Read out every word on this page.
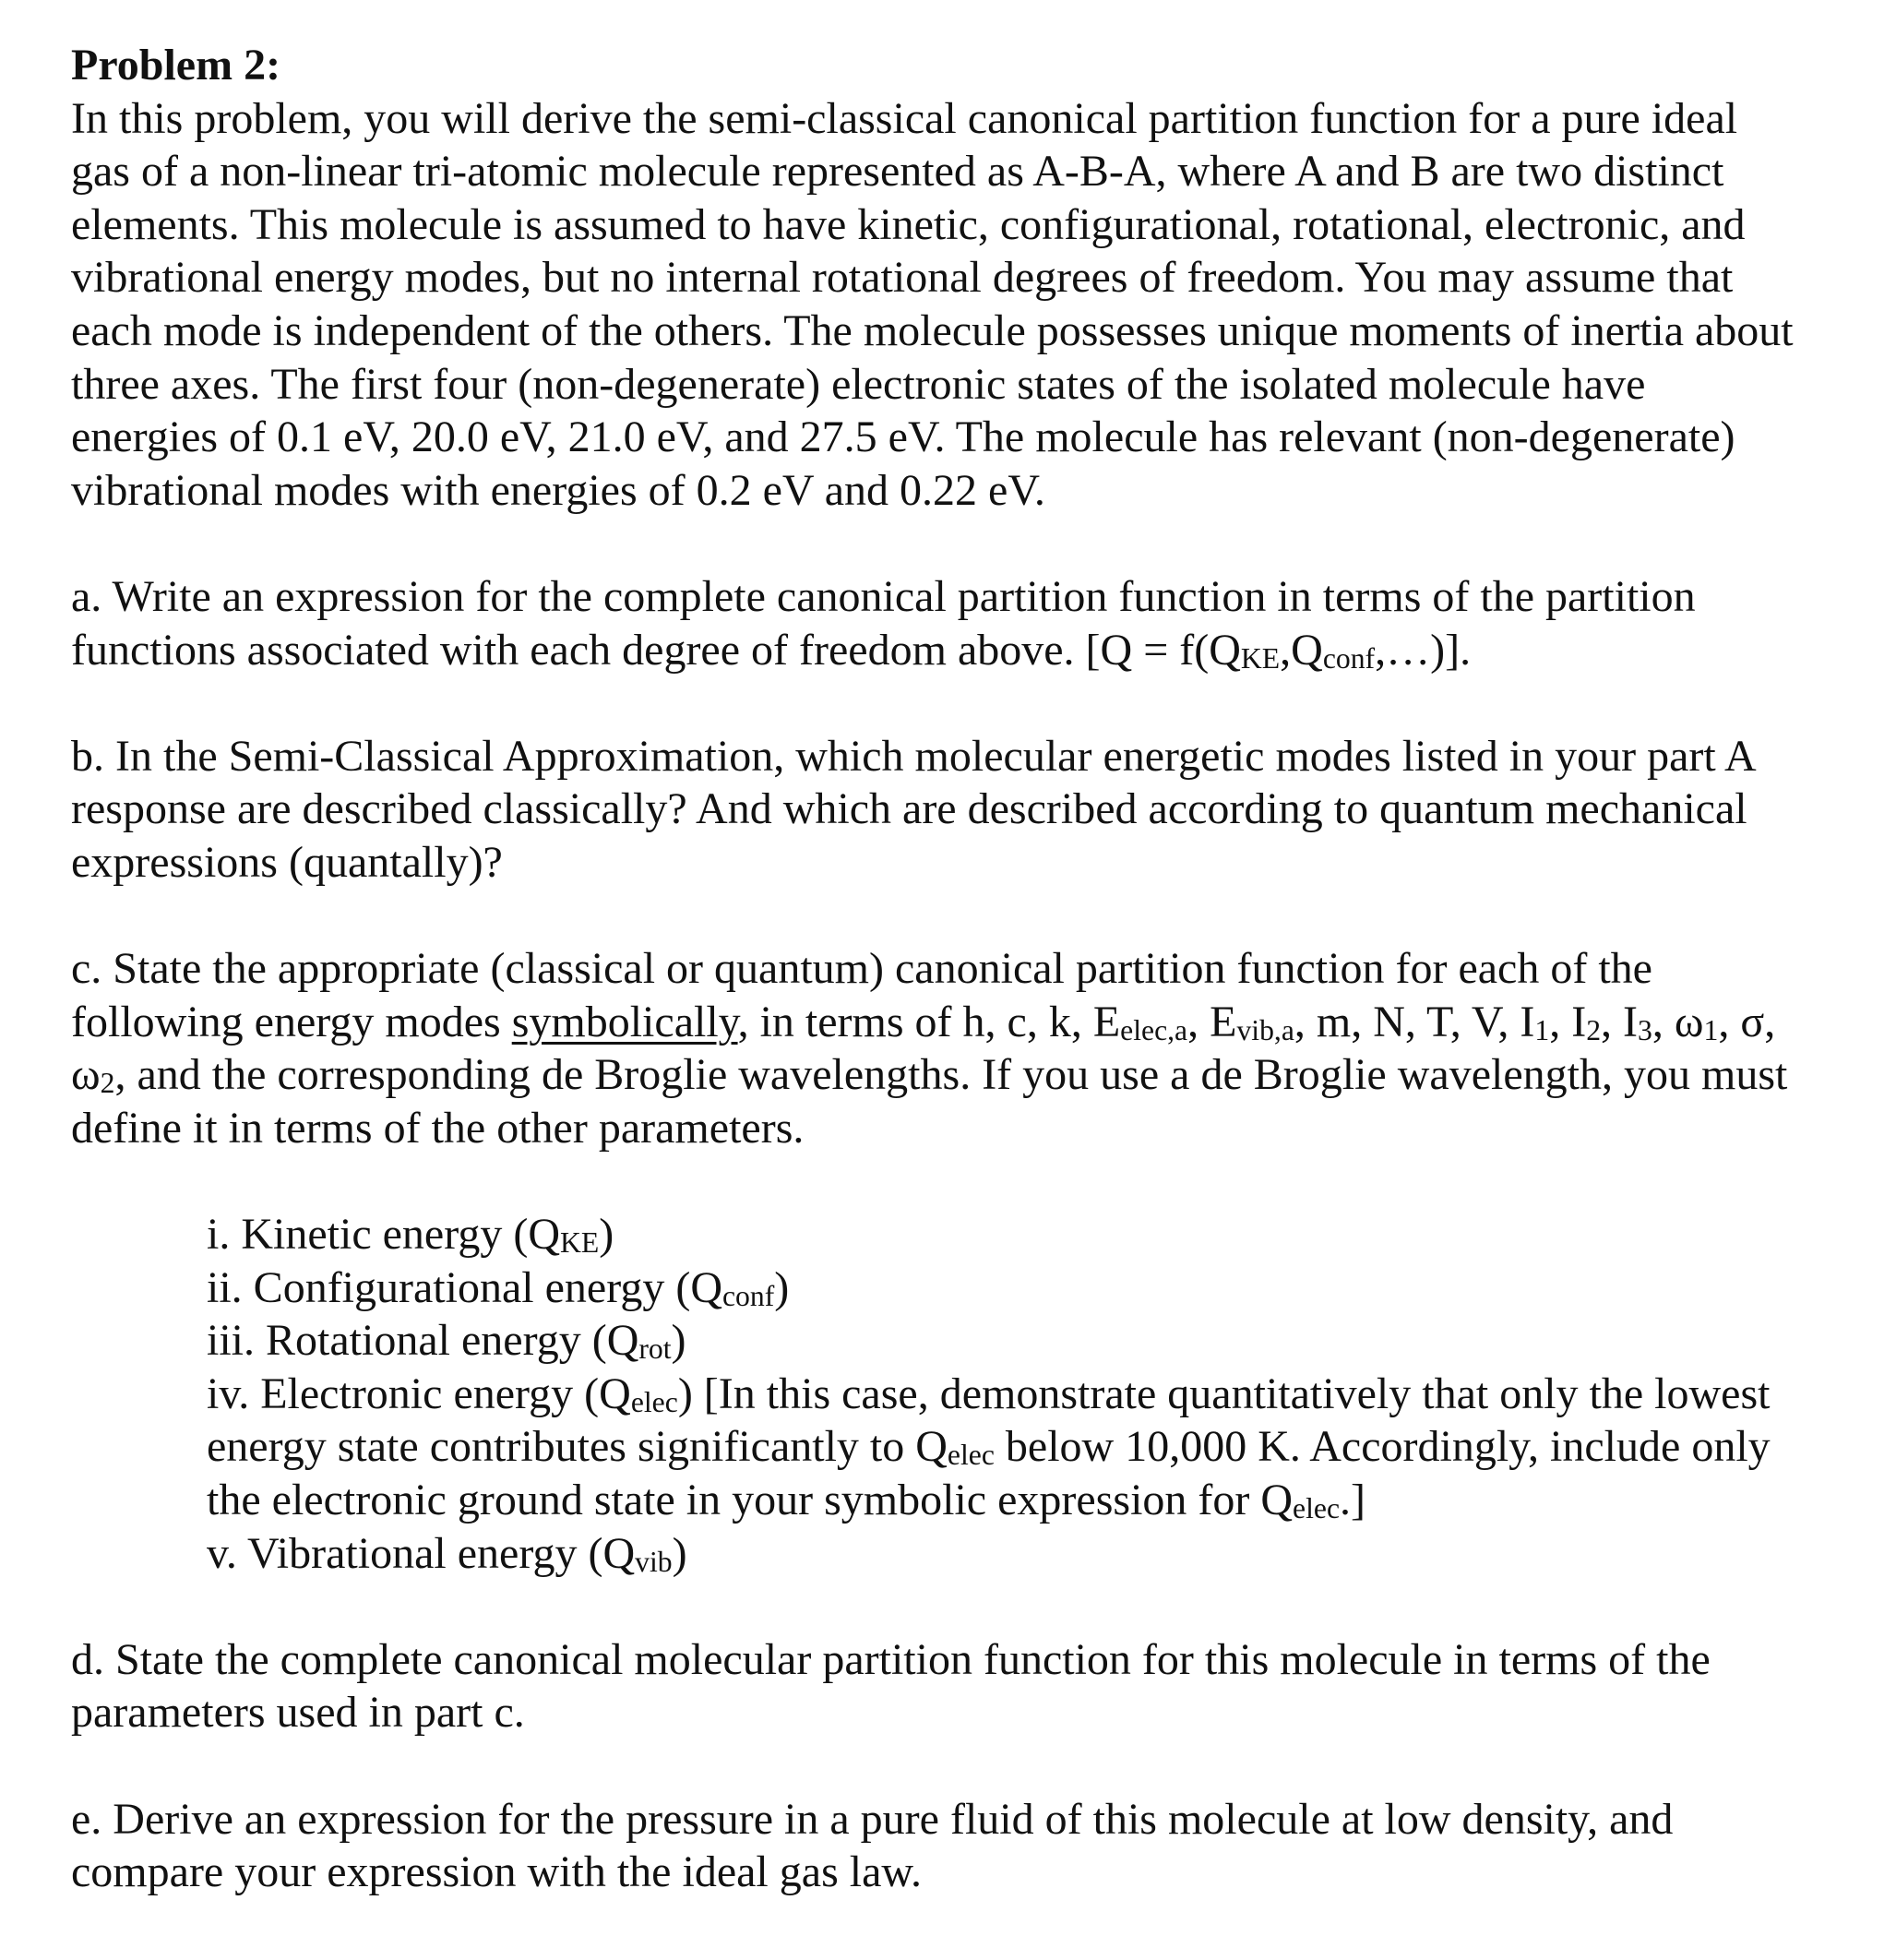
Problem 2:
In this problem, you will derive the semi-classical canonical partition function for a pure ideal
gas of a non-linear tri-atomic molecule represented as A-B-A, where A and B are two distinct
elements. This molecule is assumed to have kinetic, configurational, rotational, electronic, and
vibrational energy modes, but no internal rotational degrees of freedom. You may assume that
each mode is independent of the others. The molecule possesses unique moments of inertia about
three axes. The first four (non-degenerate) electronic states of the isolated molecule have
energies of 0.1 eV, 20.0 eV, 21.0 eV, and 27.5 eV. The molecule has relevant (non-degenerate)
vibrational modes with energies of 0.2 eV and 0.22 eV.
a. Write an expression for the complete canonical partition function in terms of the partition
functions associated with each degree of freedom above. [Q = f(QKE,Qconf,…)].
b. In the Semi-Classical Approximation, which molecular energetic modes listed in your part A
response are described classically? And which are described according to quantum mechanical
expressions (quantally)?
c. State the appropriate (classical or quantum) canonical partition function for each of the
following energy modes symbolically, in terms of h, c, k, Eelec,a, Evib,a, m, N, T, V, I1, I2, I3, ω1, σ,
ω2, and the corresponding de Broglie wavelengths. If you use a de Broglie wavelength, you must
define it in terms of the other parameters.
i. Kinetic energy (QKE)
ii. Configurational energy (Qconf)
iii. Rotational energy (Qrot)
iv. Electronic energy (Qelec) [In this case, demonstrate quantitatively that only the lowest
energy state contributes significantly to Qelec below 10,000 K. Accordingly, include only
the electronic ground state in your symbolic expression for Qelec.]
v. Vibrational energy (Qvib)
d. State the complete canonical molecular partition function for this molecule in terms of the
parameters used in part c.
e. Derive an expression for the pressure in a pure fluid of this molecule at low density, and
compare your expression with the ideal gas law.
